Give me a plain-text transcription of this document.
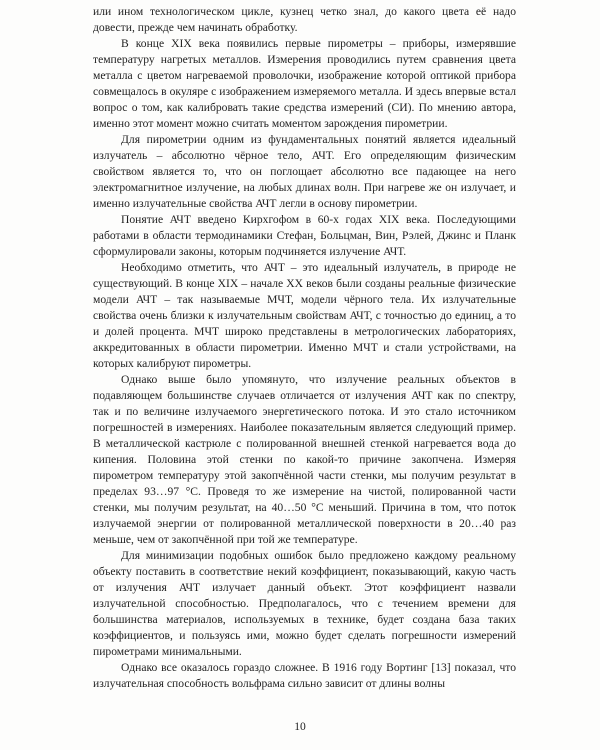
или ином технологическом цикле, кузнец четко знал, до какого цвета её надо довести, прежде чем начинать обработку.

В конце XIX века появились первые пирометры – приборы, измерявшие температуру нагретых металлов. Измерения проводились путем сравнения цвета металла с цветом нагреваемой проволочки, изображение которой оптикой прибора совмещалось в окуляре с изображением измеряемого металла. И здесь впервые встал вопрос о том, как калибровать такие средства измерений (СИ). По мнению автора, именно этот момент можно считать моментом зарождения пирометрии.

Для пирометрии одним из фундаментальных понятий является идеальный излучатель – абсолютно чёрное тело, АЧТ. Его определяющим физическим свойством является то, что он поглощает абсолютно все падающее на него электромагнитное излучение, на любых длинах волн. При нагреве же он излучает, и именно излучательные свойства АЧТ легли в основу пирометрии.

Понятие АЧТ введено Кирхгофом в 60-х годах XIX века. Последующими работами в области термодинамики Стефан, Больцман, Вин, Рэлей, Джинс и Планк сформулировали законы, которым подчиняется излучение АЧТ.

Необходимо отметить, что АЧТ – это идеальный излучатель, в природе не существующий. В конце XIX – начале XX веков были созданы реальные физические модели АЧТ – так называемые МЧТ, модели чёрного тела. Их излучательные свойства очень близки к излучательным свойствам АЧТ, с точностью до единиц, а то и долей процента. МЧТ широко представлены в метрологических лабораториях, аккредитованных в области пирометрии. Именно МЧТ и стали устройствами, на которых калибруют пирометры.

Однако выше было упомянуто, что излучение реальных объектов в подавляющем большинстве случаев отличается от излучения АЧТ как по спектру, так и по величине излучаемого энергетического потока. И это стало источником погрешностей в измерениях. Наиболее показательным является следующий пример. В металлической кастрюле с полированной внешней стенкой нагревается вода до кипения. Половина этой стенки по какой-то причине закопчена. Измеряя пирометром температуру этой закопчённой части стенки, мы получим результат в пределах 93…97 °С. Проведя то же измерение на чистой, полированной части стенки, мы получим результат, на 40…50 °С меньший. Причина в том, что поток излучаемой энергии от полированной металлической поверхности в 20…40 раз меньше, чем от закопчённой при той же температуре.

Для минимизации подобных ошибок было предложено каждому реальному объекту поставить в соответствие некий коэффициент, показывающий, какую часть от излучения АЧТ излучает данный объект. Этот коэффициент назвали излучательной способностью. Предполагалось, что с течением времени для большинства материалов, используемых в технике, будет создана база таких коэффициентов, и пользуясь ими, можно будет сделать погрешности измерений пирометрами минимальными.

Однако все оказалось гораздо сложнее. В 1916 году Вортинг [13] показал, что излучательная способность вольфрама сильно зависит от длины волны

10
